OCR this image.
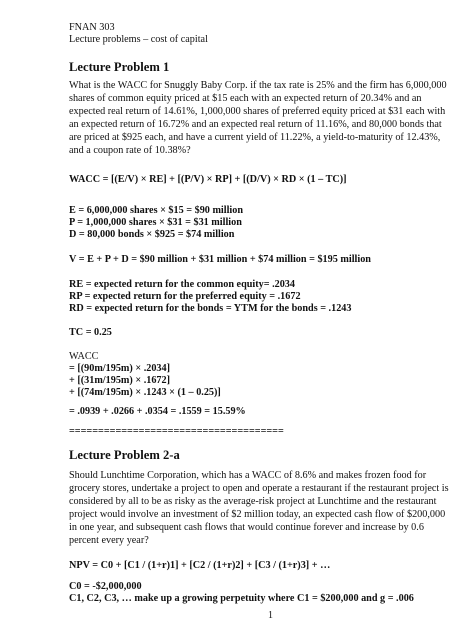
FNAN 303
Lecture problems – cost of capital
Lecture Problem 1
What is the WACC for Snuggly Baby Corp. if the tax rate is 25% and the firm has 6,000,000
shares of common equity priced at $15 each with an expected return of 20.34% and an
expected real return of 14.61%, 1,000,000 shares of preferred equity priced at $31 each with
an expected return of 16.72% and an expected real return of 11.16%, and 80,000 bonds that
are priced at $925 each, and have a current yield of 11.22%, a yield-to-maturity of 12.43%,
and a coupon rate of 10.38%?
WACC = [(E/V) × RE] + [(P/V) × RP] + [(D/V) × RD × (1 – TC)]
E = 6,000,000 shares × $15 = $90 million
P = 1,000,000 shares × $31 = $31 million
D = 80,000 bonds × $925 = $74 million
V = E + P + D = $90 million + $31 million + $74 million = $195 million
RE = expected return for the common equity= .2034
RP = expected return for the preferred equity = .1672
RD = expected return for the bonds = YTM for the bonds = .1243
TC = 0.25
WACC
= [(90m/195m) × .2034]
+ [(31m/195m) × .1672]
+ [(74m/195m) × .1243 × (1 – 0.25)]
= .0939 + .0266 + .0354 = .1559 = 15.59%
=====================================
Lecture Problem 2-a
Should Lunchtime Corporation, which has a WACC of 8.6% and makes frozen food for
grocery stores, undertake a project to open and operate a restaurant if the restaurant project is
considered by all to be as risky as the average-risk project at Lunchtime and the restaurant
project would involve an investment of $2 million today, an expected cash flow of $200,000
in one year, and subsequent cash flows that would continue forever and increase by 0.6
percent every year?
NPV = C0 + [C1 / (1+r)1] + [C2 / (1+r)2] + [C3 / (1+r)3] + …
C0 = -$2,000,000
C1, C2, C3, … make up a growing perpetuity where C1 = $200,000 and g = .006
1
